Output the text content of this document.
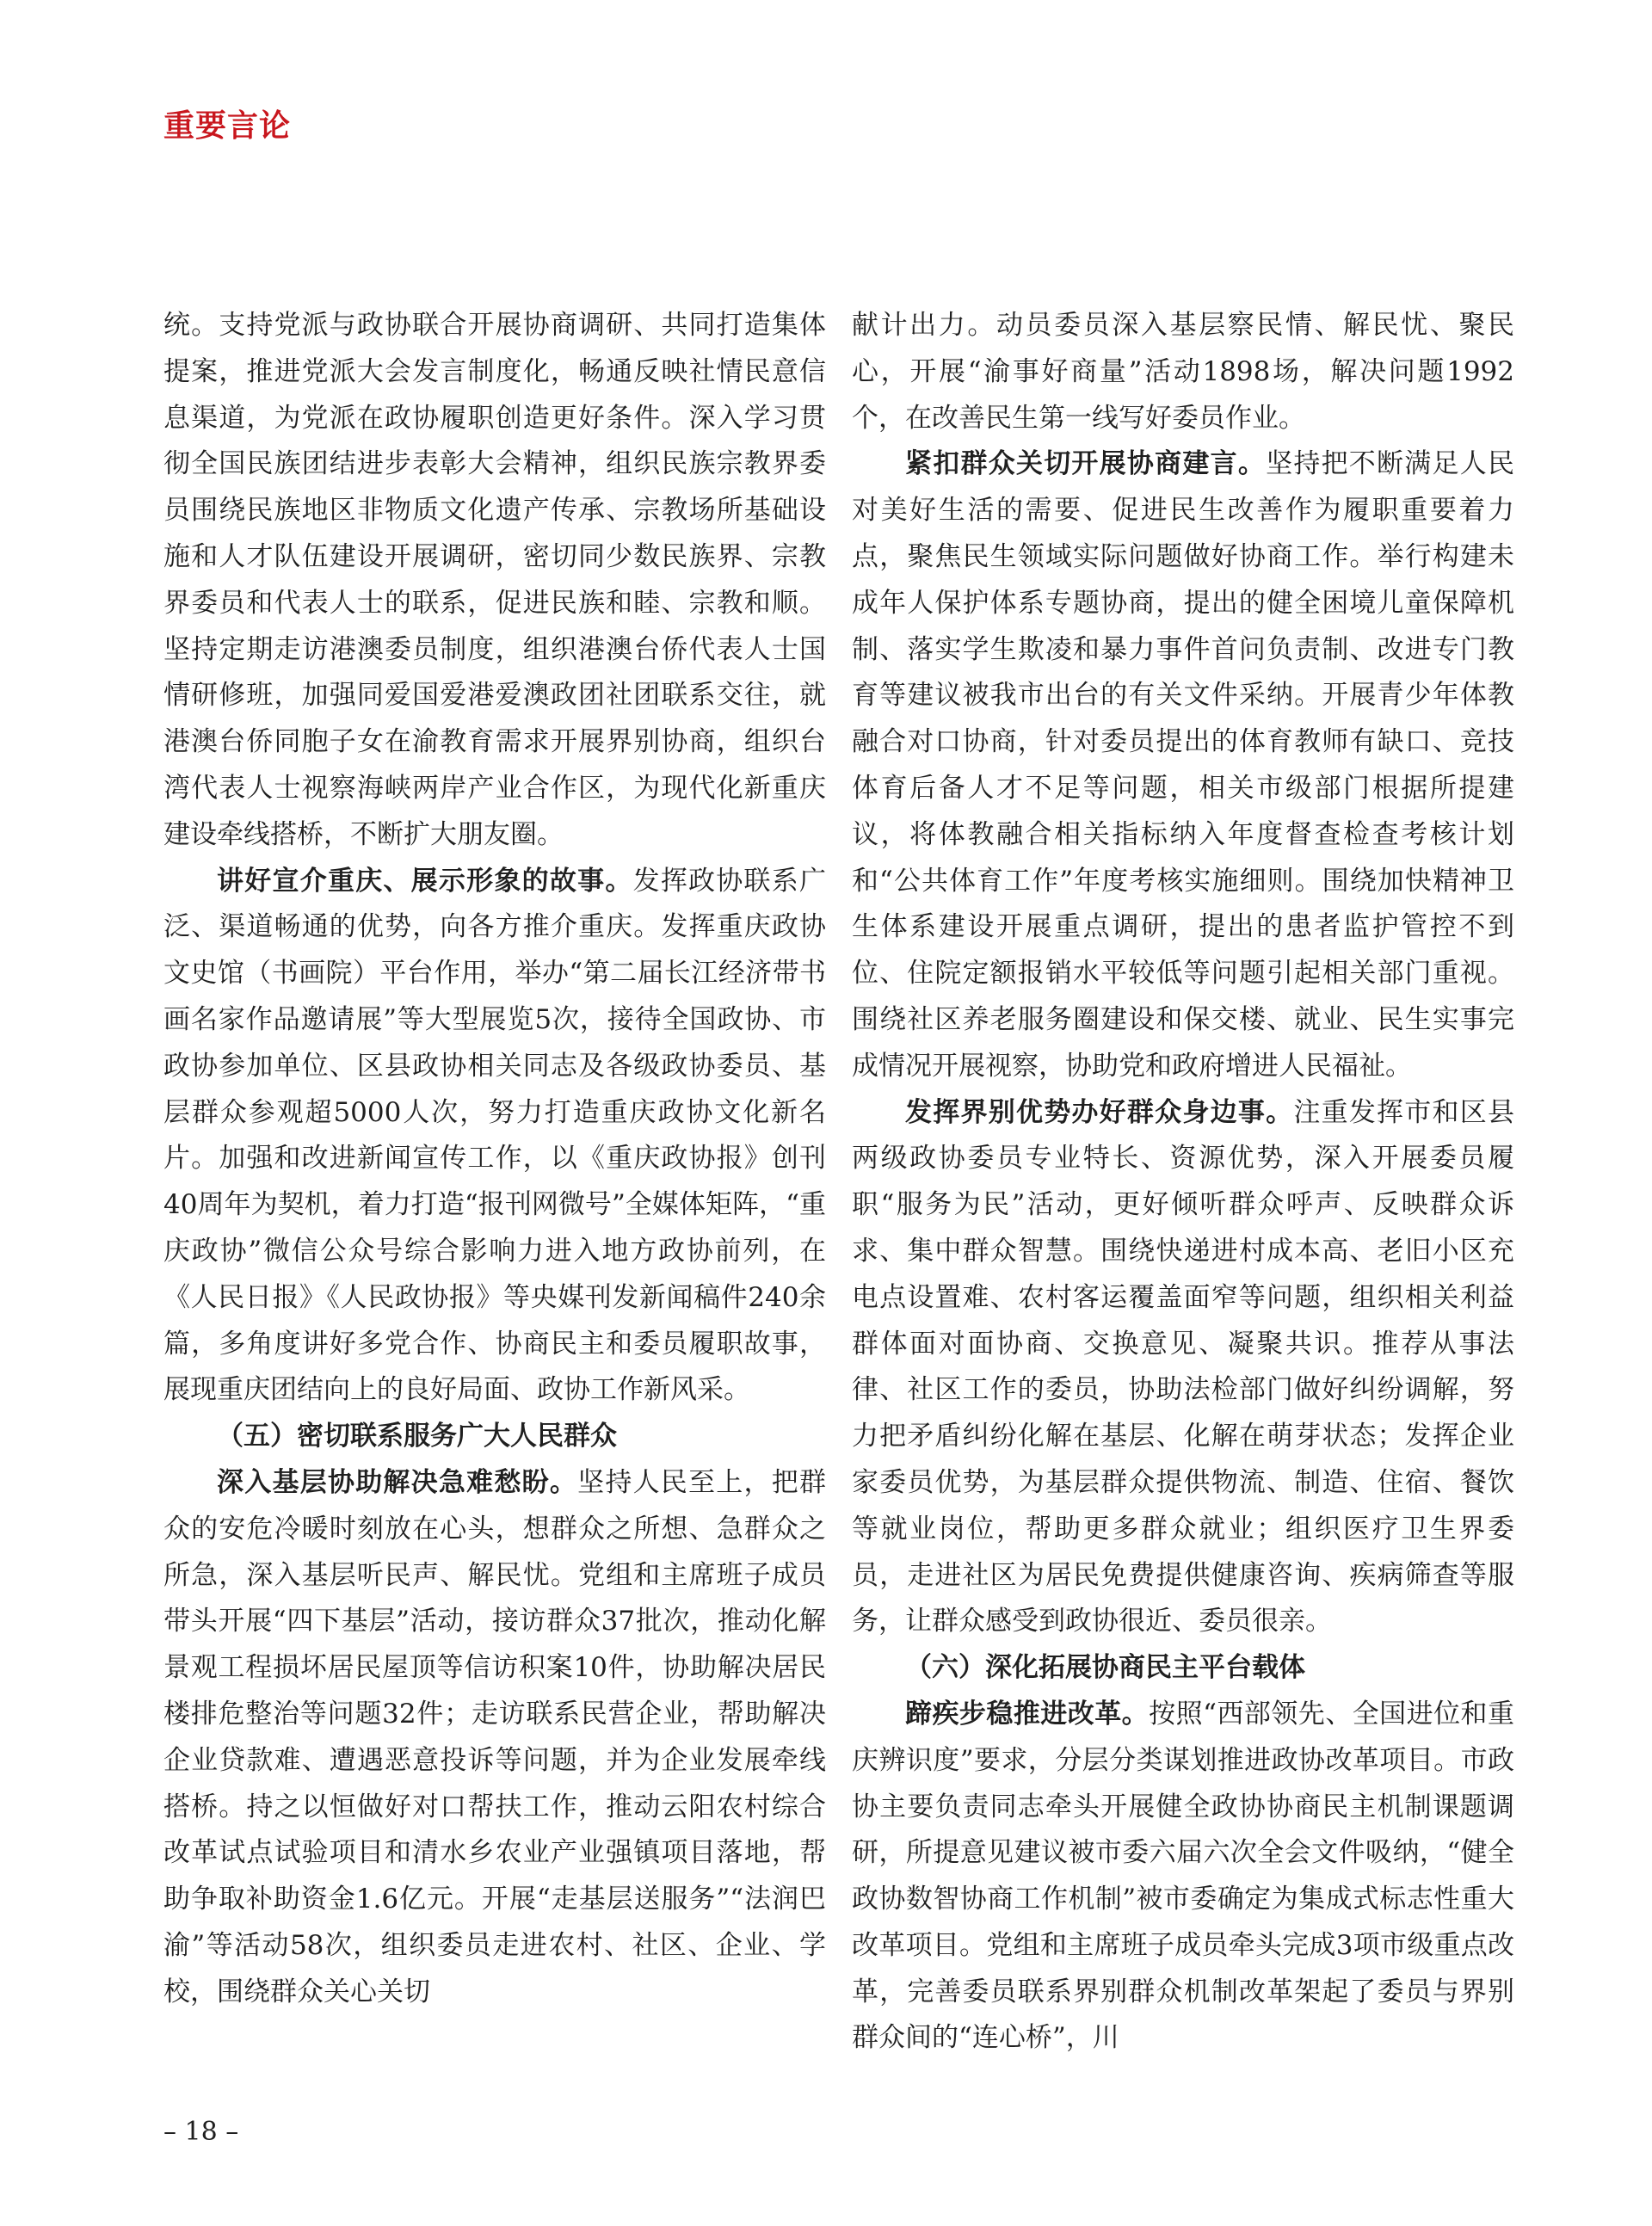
重要言论

统。支持党派与政协联合开展协商调研、共同打造集体提案，推进党派大会发言制度化，畅通反映社情民意信息渠道，为党派在政协履职创造更好条件。深入学习贯彻全国民族团结进步表彰大会精神，组织民族宗教界委员围绕民族地区非物质文化遗产传承、宗教场所基础设施和人才队伍建设开展调研，密切同少数民族界、宗教界委员和代表人士的联系，促进民族和睦、宗教和顺。坚持定期走访港澳委员制度，组织港澳台侨代表人士国情研修班，加强同爱国爱港爱澳政团社团联系交往，就港澳台侨同胞子女在渝教育需求开展界别协商，组织台湾代表人士视察海峡两岸产业合作区，为现代化新重庆建设牵线搭桥，不断扩大朋友圈。

讲好宣介重庆、展示形象的故事。发挥政协联系广泛、渠道畅通的优势，向各方推介重庆。发挥重庆政协文史馆（书画院）平台作用，举办“第二届长江经济带书画名家作品邀请展”等大型展览5次，接待全国政协、市政协参加单位、区县政协相关同志及各级政协委员、基层群众参观超5000人次，努力打造重庆政协文化新名片。加强和改进新闻宣传工作，以《重庆政协报》创刊40周年为契机，着力打造“报刊网微号”全媒体矩阵，“重庆政协”微信公众号综合影响力进入地方政协前列，在《人民日报》《人民政协报》等央媒刊发新闻稿件240余篇，多角度讲好多党合作、协商民主和委员履职故事，展现重庆团结向上的良好局面、政协工作新风采。

（五）密切联系服务广大人民群众

深入基层协助解决急难愁盼。坚持人民至上，把群众的安危冷暖时刻放在心头，想群众之所想、急群众之所急，深入基层听民声、解民忧。党组和主席班子成员带头开展“四下基层”活动，接访群众37批次，推动化解景观工程损坏居民屋顶等信访积案10件，协助解决居民楼排危整治等问题32件；走访联系民营企业，帮助解决企业贷款难、遭遇恶意投诉等问题，并为企业发展牵线搭桥。持之以恒做好对口帮扶工作，推动云阳农村综合改革试点试验项目和清水乡农业产业强镇项目落地，帮助争取补助资金1.6亿元。开展“走基层送服务”“法润巴渝”等活动58次，组织委员走进农村、社区、企业、学校，围绕群众关心关切

献计出力。动员委员深入基层察民情、解民忧、聚民心，开展“渝事好商量”活动1898场，解决问题1992个，在改善民生第一线写好委员作业。

紧扣群众关切开展协商建言。坚持把不断满足人民对美好生活的需要、促进民生改善作为履职重要着力点，聚焦民生领域实际问题做好协商工作。举行构建未成年人保护体系专题协商，提出的健全困境儿童保障机制、落实学生欺凌和暴力事件首问负责制、改进专门教育等建议被我市出台的有关文件采纳。开展青少年体教融合对口协商，针对委员提出的体育教师有缺口、竞技体育后备人才不足等问题，相关市级部门根据所提建议，将体教融合相关指标纳入年度督查检查考核计划和“公共体育工作”年度考核实施细则。围绕加快精神卫生体系建设开展重点调研，提出的患者监护管控不到位、住院定额报销水平较低等问题引起相关部门重视。围绕社区养老服务圈建设和保交楼、就业、民生实事完成情况开展视察，协助党和政府增进人民福祉。

发挥界别优势办好群众身边事。注重发挥市和区县两级政协委员专业特长、资源优势，深入开展委员履职“服务为民”活动，更好倾听群众呼声、反映群众诉求、集中群众智慧。围绕快递进村成本高、老旧小区充电点设置难、农村客运覆盖面窄等问题，组织相关利益群体面对面协商、交换意见、凝聚共识。推荐从事法律、社区工作的委员，协助法检部门做好纠纷调解，努力把矛盾纠纷化解在基层、化解在萌芽状态；发挥企业家委员优势，为基层群众提供物流、制造、住宿、餐饮等就业岗位，帮助更多群众就业；组织医疗卫生界委员，走进社区为居民免费提供健康咨询、疾病筛查等服务，让群众感受到政协很近、委员很亲。

（六）深化拓展协商民主平台载体

蹄疾步稳推进改革。按照“西部领先、全国进位和重庆辨识度”要求，分层分类谋划推进政协改革项目。市政协主要负责同志牵头开展健全政协协商民主机制课题调研，所提意见建议被市委六届六次全会文件吸纳，“健全政协数智协商工作机制”被市委确定为集成式标志性重大改革项目。党组和主席班子成员牵头完成3项市级重点改革，完善委员联系界别群众机制改革架起了委员与界别群众间的“连心桥”，川

– 18 –
